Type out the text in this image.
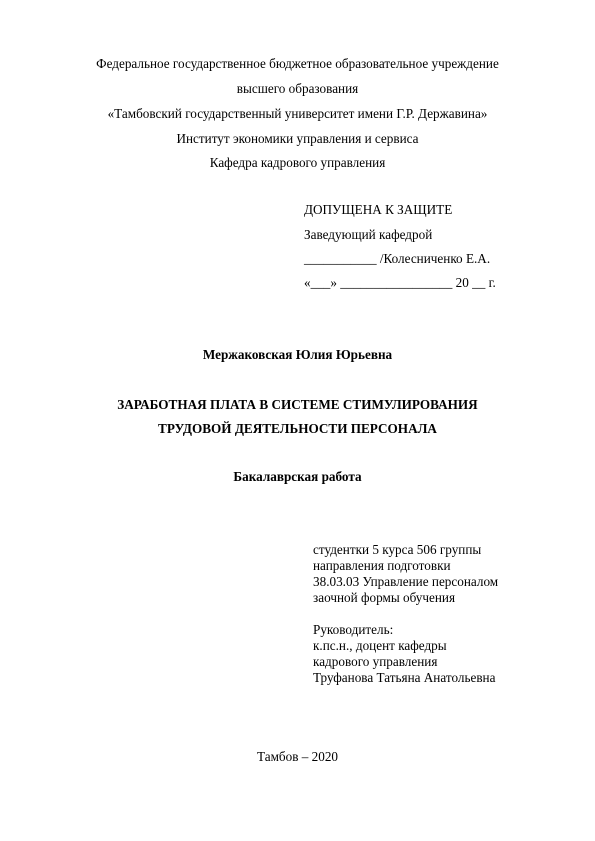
Федеральное государственное бюджетное образовательное учреждение
высшего образования
«Тамбовский государственный университет имени Г.Р. Державина»
Институт экономики управления и сервиса
Кафедра кадрового управления
ДОПУЩЕНА К ЗАЩИТЕ
Заведующий кафедрой
___________ /Колесниченко Е.А.
«___» _________________ 20 __ г.
Мержаковская Юлия Юрьевна
ЗАРАБОТНАЯ ПЛАТА В СИСТЕМЕ СТИМУЛИРОВАНИЯ
ТРУДОВОЙ ДЕЯТЕЛЬНОСТИ ПЕРСОНАЛА
Бакалаврская работа
студентки 5 курса 506 группы
направления подготовки
38.03.03 Управление персоналом
заочной формы обучения
Руководитель:
к.пс.н., доцент кафедры
кадрового управления
Труфанова Татьяна Анатольевна
Тамбов – 2020
